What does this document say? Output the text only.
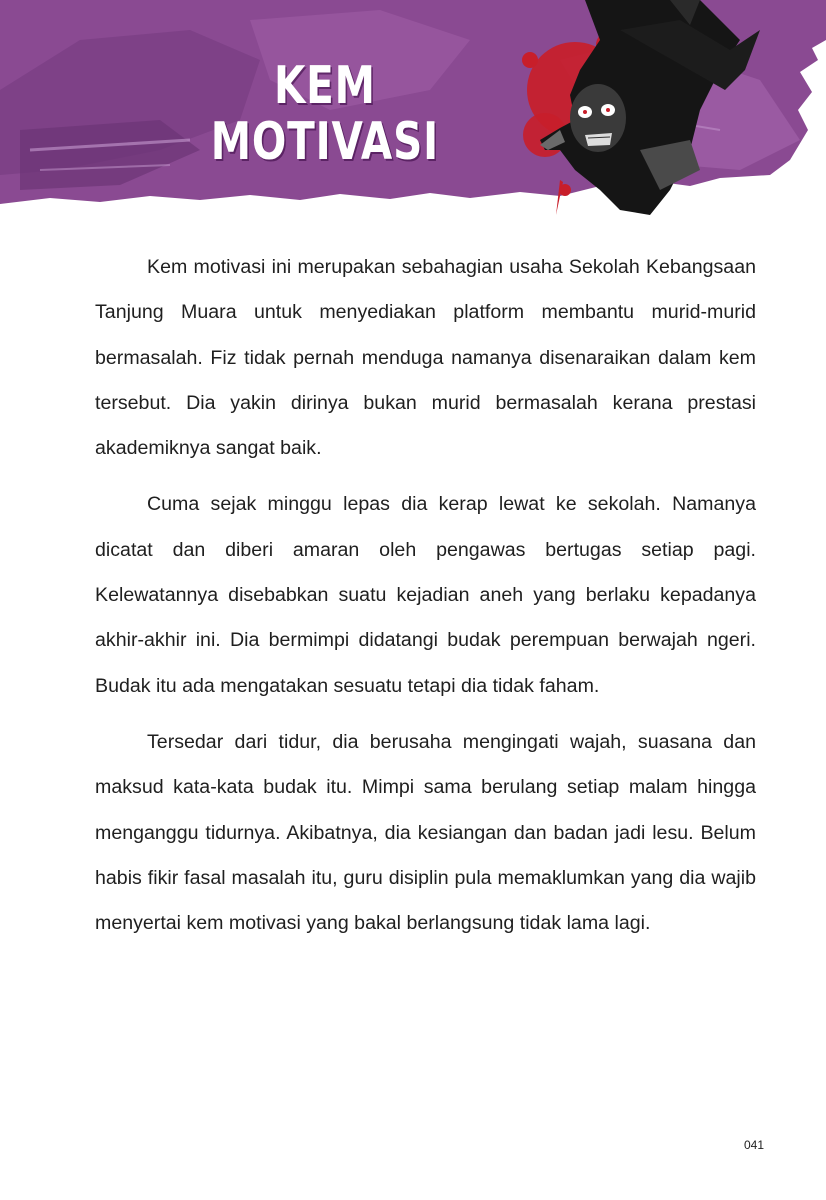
KEM
MOTIVASI

Kem motivasi ini merupakan sebahagian usaha Sekolah Kebangsaan Tanjung Muara untuk menyediakan platform membantu murid-murid bermasalah. Fiz tidak pernah menduga namanya disenaraikan dalam kem tersebut. Dia yakin dirinya bukan murid bermasalah kerana prestasi akademiknya sangat baik.

Cuma sejak minggu lepas dia kerap lewat ke sekolah. Namanya dicatat dan diberi amaran oleh pengawas bertugas setiap pagi. Kelewatannya disebabkan suatu kejadian aneh yang berlaku kepadanya akhir-akhir ini. Dia bermimpi didatangi budak perempuan berwajah ngeri. Budak itu ada mengatakan sesuatu tetapi dia tidak faham.

Tersedar dari tidur, dia berusaha mengingati wajah, suasana dan maksud kata-kata budak itu. Mimpi sama berulang setiap malam hingga menganggu tidurnya. Akibatnya, dia kesiangan dan badan jadi lesu. Belum habis fikir fasal masalah itu, guru disiplin pula memaklumkan yang dia wajib menyertai kem motivasi yang bakal berlangsung tidak lama lagi.

041
